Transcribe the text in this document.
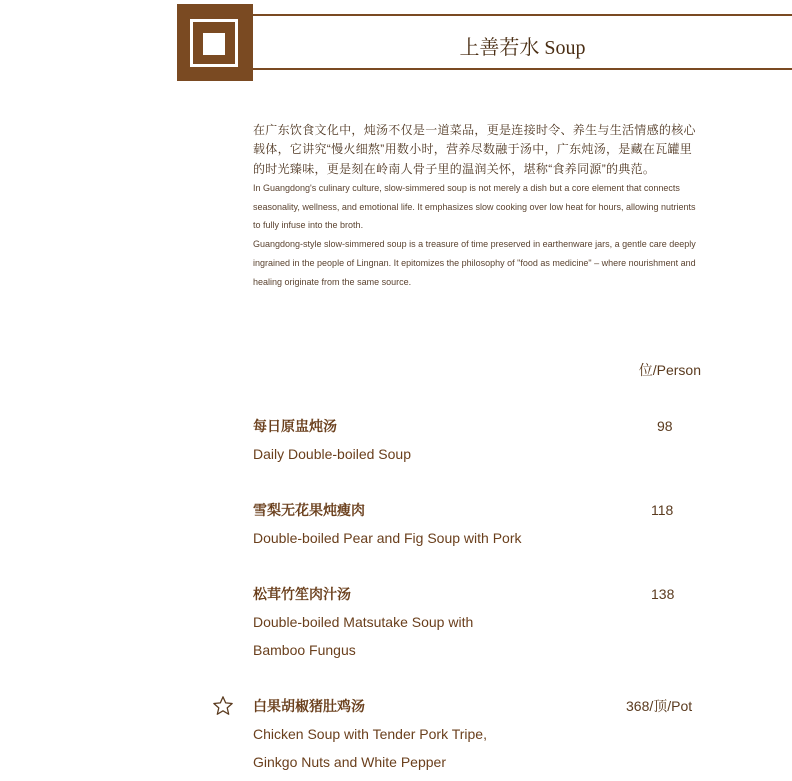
上善若水 Soup

在广东饮食文化中，炖汤不仅是一道菜品，更是连接时令、养生与生活情感的核心载体，它讲究“慢火细熬”用数小时，营养尽数融于汤中，广东炖汤，是藏在瓦罐里的时光臻味，更是刻在岭南人骨子里的温润关怀，堪称“食养同源”的典范。

In Guangdong's culinary culture, slow-simmered soup is not merely a dish but a core element that connects seasonality, wellness, and emotional life. It emphasizes slow cooking over low heat for hours, allowing nutrients to fully infuse into the broth.

Guangdong-style slow-simmered soup is a treasure of time preserved in earthenware jars, a gentle care deeply ingrained in the people of Lingnan. It epitomizes the philosophy of "food as medicine" – where nourishment and healing originate from the same source.

位/Person

每日原盅炖汤

Daily Double-boiled Soup

98

雪梨无花果炖瘦肉

Double-boiled Pear and Fig Soup with Pork

118

松茸竹笙肉汁汤

Double-boiled Matsutake Soup with
Bamboo Fungus

138

白果胡椒猪肚鸡汤

Chicken Soup with Tender Pork Tripe,
Ginkgo Nuts and White Pepper

368/顶/Pot
